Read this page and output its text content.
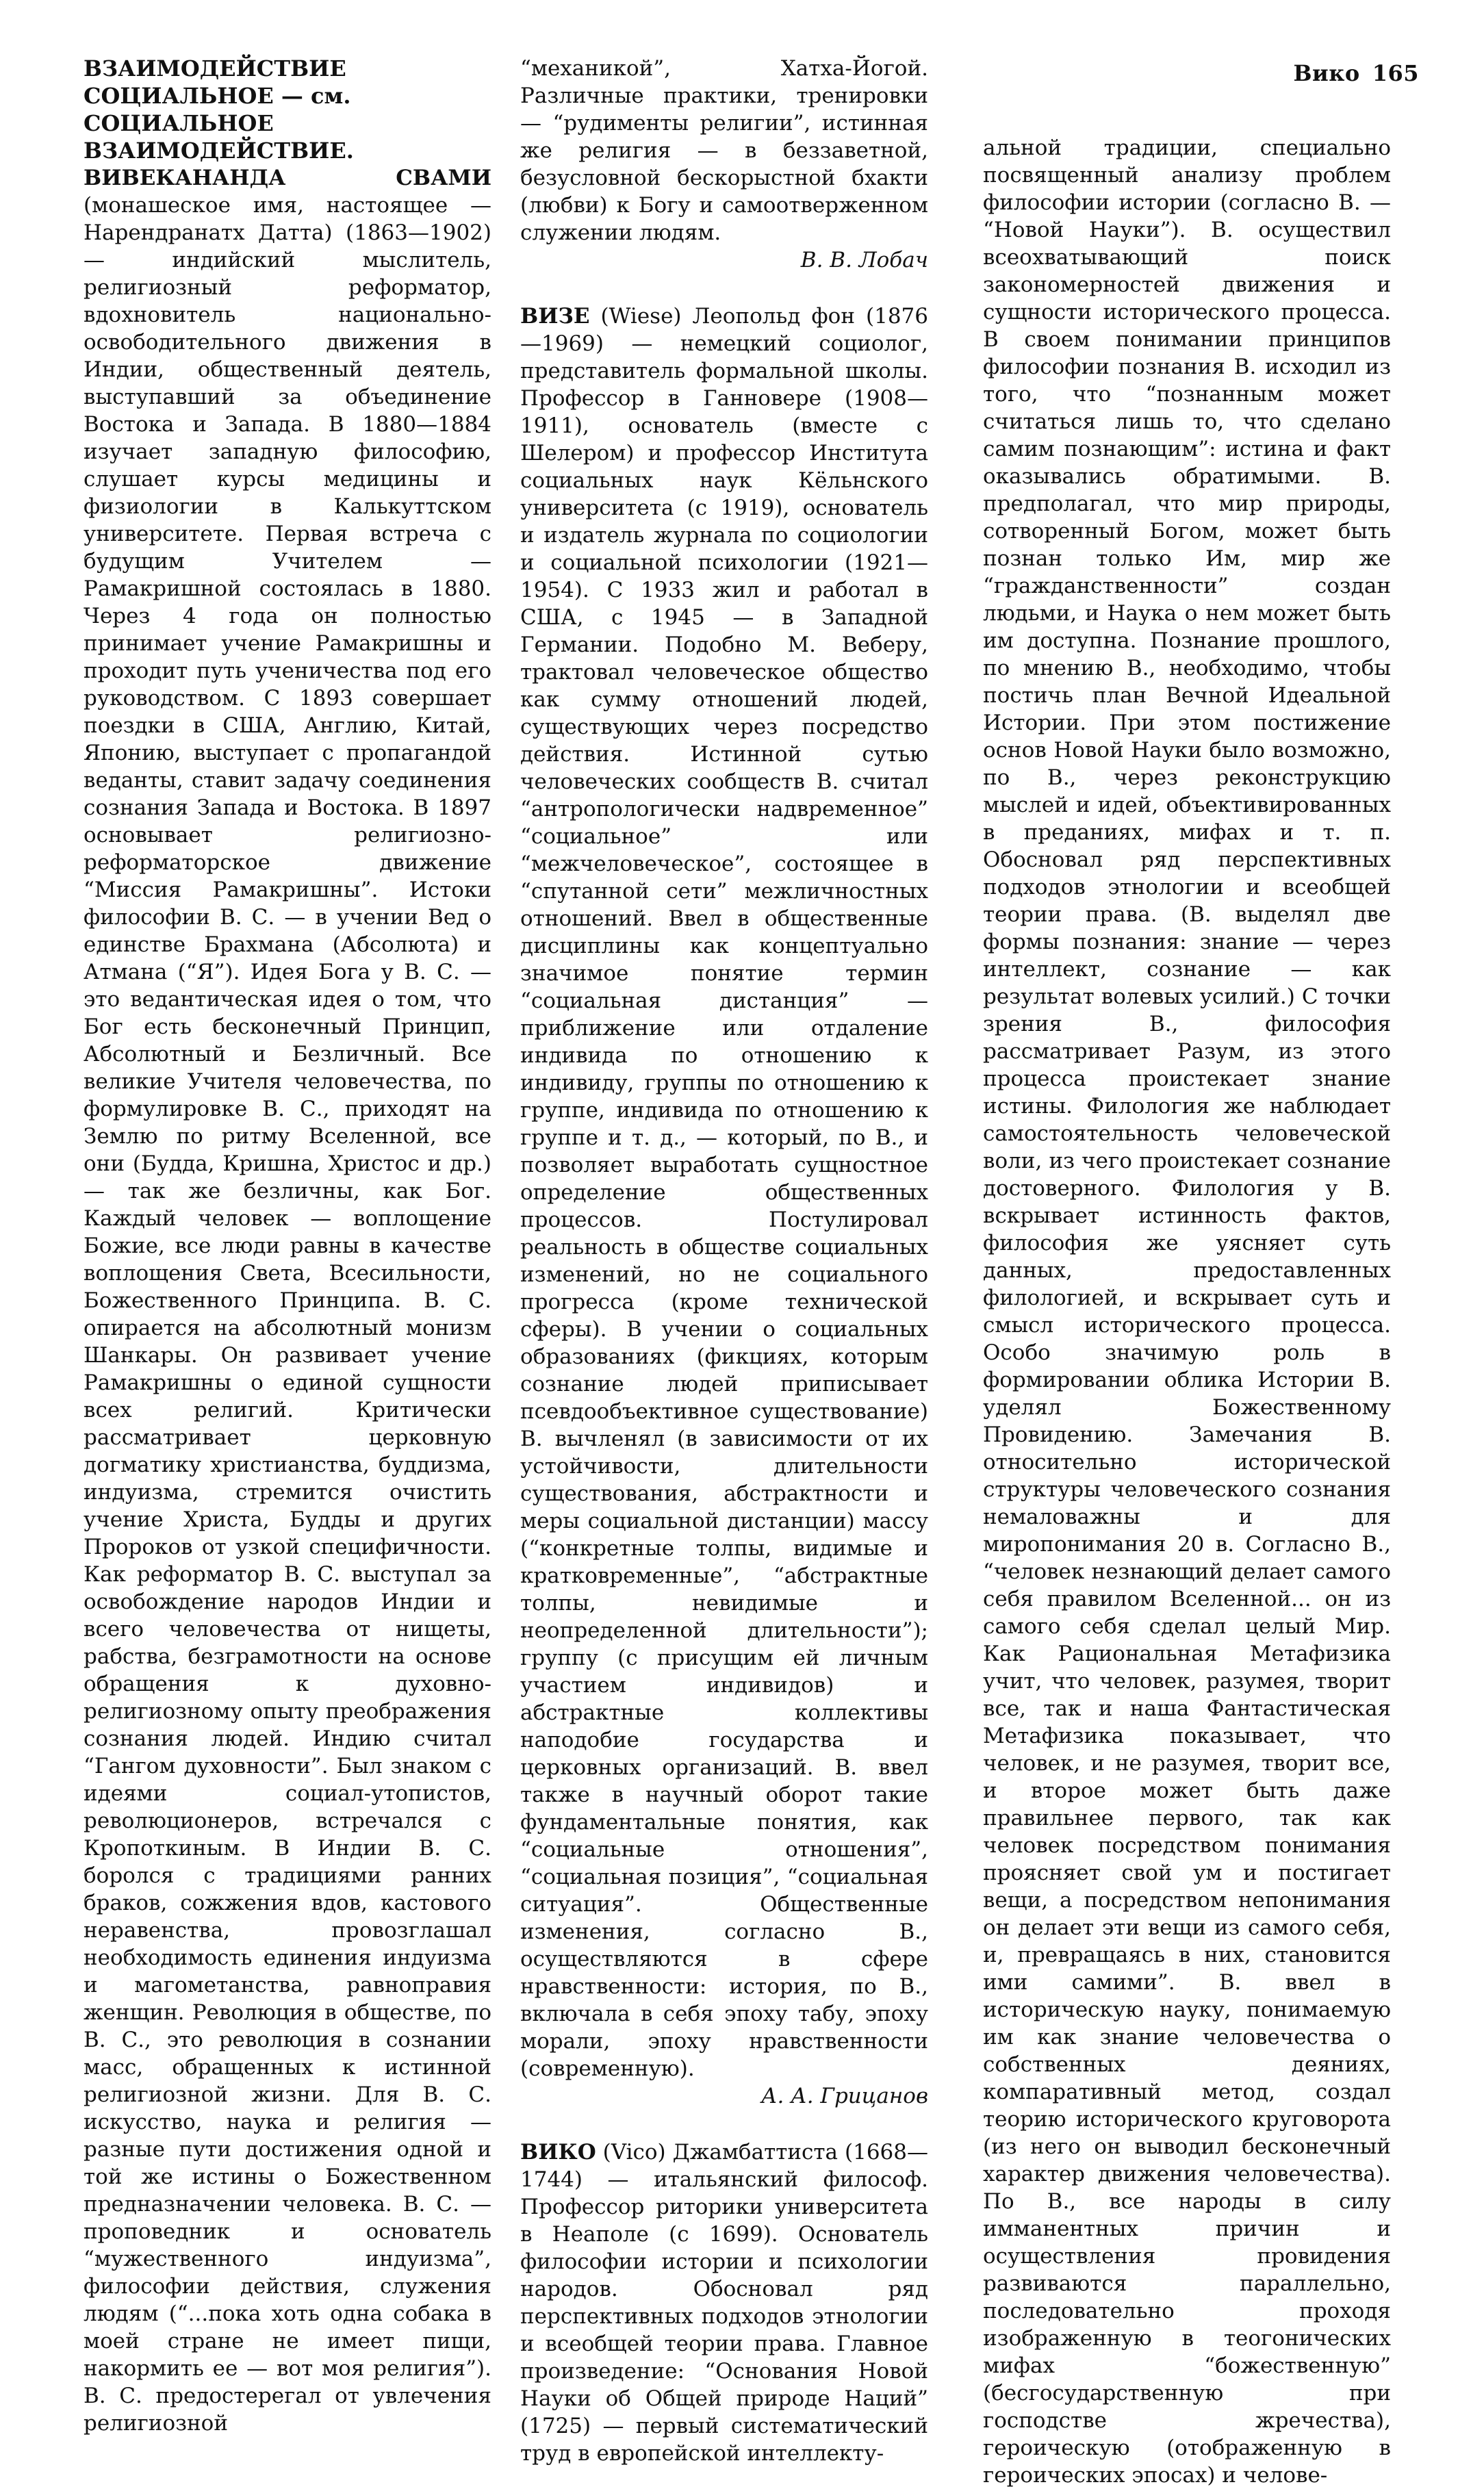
Вико 165

ВЗАИМОДЕЙСТВИЕ СОЦИАЛЬНОЕ — см. СОЦИАЛЬНОЕ ВЗАИМОДЕЙСТВИЕ.

ВИВЕКАНАНДА СВАМИ (монашеское имя, настоящее — Нарендранатх Датта) (1863—1902) — индийский мыслитель, религиозный реформатор, вдохновитель национально-освободительного движения в Индии, общественный деятель, выступавший за объединение Востока и Запада. В 1880—1884 изучает западную философию, слушает курсы медицины и физиологии в Калькуттском университете. Первая встреча с будущим Учителем — Рамакришной состоялась в 1880. Через 4 года он полностью принимает учение Рамакришны и проходит путь ученичества под его руководством. С 1893 совершает поездки в США, Англию, Китай, Японию, выступает с пропагандой веданты, ставит задачу соединения сознания Запада и Востока. В 1897 основывает религиозно-реформаторское движение “Миссия Рамакришны”. Истоки философии В. С. — в учении Вед о единстве Брахмана (Абсолюта) и Атмана (“Я”). Идея Бога у В. С. — это ведантическая идея о том, что Бог есть бесконечный Принцип, Абсолютный и Безличный. Все великие Учителя человечества, по формулировке В. С., приходят на Землю по ритму Вселенной, все они (Будда, Кришна, Христос и др.) — так же безличны, как Бог. Каждый человек — воплощение Божие, все люди равны в качестве воплощения Света, Всесильности, Божественного Принципа. В. С. опирается на абсолютный монизм Шанкары. Он развивает учение Рамакришны о единой сущности всех религий. Критически рассматривает церковную догматику христианства, буддизма, индуизма, стремится очистить учение Христа, Будды и других Пророков от узкой специфичности. Как реформатор В. С. выступал за освобождение народов Индии и всего человечества от нищеты, рабства, безграмотности на основе обращения к духовно-религиозному опыту преображения сознания людей. Индию считал “Гангом духовности”. Был знаком с идеями социал-утопистов, революционеров, встречался с Кропоткиным. В Индии В. С. боролся с традициями ранних браков, сожжения вдов, кастового неравенства, провозглашал необходимость единения индуизма и магометанства, равноправия женщин. Революция в обществе, по В. С., это революция в сознании масс, обращенных к истинной религиозной жизни. Для В. С. искусство, наука и религия — разные пути достижения одной и той же истины о Божественном предназначении человека. В. С. — проповедник и основатель “мужественного индуизма”, философии действия, служения людям (“...пока хоть одна собака в моей стране не имеет пищи, накормить ее — вот моя религия”). В. С. предостерегал от увлечения религиозной

“механикой”, Хатха-Йогой. Различные практики, тренировки — “рудименты религии”, истинная же религия — в беззаветной, безусловной бескорыстной бхакти (любви) к Богу и самоотверженном служении людям.

В. В. Лобач

ВИЗЕ (Wiese) Леопольд фон (1876—1969) — немецкий социолог, представитель формальной школы. Профессор в Ганновере (1908—1911), основатель (вместе с Шелером) и профессор Института социальных наук Кёльнского университета (с 1919), основатель и издатель журнала по социологии и социальной психологии (1921—1954). С 1933 жил и работал в США, с 1945 — в Западной Германии. Подобно М. Веберу, трактовал человеческое общество как сумму отношений людей, существующих через посредство действия. Истинной сутью человеческих сообществ В. считал “антропологически надвременное” “социальное” или “межчеловеческое”, состоящее в “спутанной сети” межличностных отношений. Ввел в общественные дисциплины как концептуально значимое понятие термин “социальная дистанция” — приближение или отдаление индивида по отношению к индивиду, группы по отношению к группе, индивида по отношению к группе и т. д., — который, по В., и позволяет выработать сущностное определение общественных процессов. Постулировал реальность в обществе социальных изменений, но не социального прогресса (кроме технической сферы). В учении о социальных образованиях (фикциях, которым сознание людей приписывает псевдообъективное существование) В. вычленял (в зависимости от их устойчивости, длительности существования, абстрактности и меры социальной дистанции) массу (“конкретные толпы, видимые и кратковременные”, “абстрактные толпы, невидимые и неопределенной длительности”); группу (с присущим ей личным участием индивидов) и абстрактные коллективы наподобие государства и церковных организаций. В. ввел также в научный оборот такие фундаментальные понятия, как “социальные отношения”, “социальная позиция”, “социальная ситуация”. Общественные изменения, согласно В., осуществляются в сфере нравственности: история, по В., включала в себя эпоху табу, эпоху морали, эпоху нравственности (современную).

А. А. Грицанов

ВИКО (Vico) Джамбаттиста (1668—1744) — итальянский философ. Профессор риторики университета в Неаполе (с 1699). Основатель философии истории и психологии народов. Обосновал ряд перспективных подходов этнологии и всеобщей теории права. Главное произведение: “Основания Новой Науки об Общей природе Наций” (1725) — первый систематический труд в европейской интеллекту-

альной традиции, специально посвященный анализу проблем философии истории (согласно В. — “Новой Науки”). В. осуществил всеохватывающий поиск закономерностей движения и сущности исторического процесса. В своем понимании принципов философии познания В. исходил из того, что “познанным может считаться лишь то, что сделано самим познающим”: истина и факт оказывались обратимыми. В. предполагал, что мир природы, сотворенный Богом, может быть познан только Им, мир же “гражданственности” создан людьми, и Наука о нем может быть им доступна. Познание прошлого, по мнению В., необходимо, чтобы постичь план Вечной Идеальной Истории. При этом постижение основ Новой Науки было возможно, по В., через реконструкцию мыслей и идей, объективированных в преданиях, мифах и т. п. Обосновал ряд перспективных подходов этнологии и всеобщей теории права. (В. выделял две формы познания: знание — через интеллект, сознание — как результат волевых усилий.) С точки зрения В., философия рассматривает Разум, из этого процесса проистекает знание истины. Филология же наблюдает самостоятельность человеческой воли, из чего проистекает сознание достоверного. Филология у В. вскрывает истинность фактов, философия же уясняет суть данных, предоставленных филологией, и вскрывает суть и смысл исторического процесса. Особо значимую роль в формировании облика Истории В. уделял Божественному Провидению. Замечания В. относительно исторической структуры человеческого сознания немаловажны и для миропонимания 20 в. Согласно В., “человек незнающий делает самого себя правилом Вселенной... он из самого себя сделал целый Мир. Как Рациональная Метафизика учит, что человек, разумея, творит все, так и наша Фантастическая Метафизика показывает, что человек, и не разумея, творит все, и второе может быть даже правильнее первого, так как человек посредством понимания проясняет свой ум и постигает вещи, а посредством непонимания он делает эти вещи из самого себя, и, превращаясь в них, становится ими самими”. В. ввел в историческую науку, понимаемую им как знание человечества о собственных деяниях, компаративный метод, создал теорию исторического круговорота (из него он выводил бесконечный характер движения человечества). По В., все народы в силу имманентных причин и осуществления провидения развиваются параллельно, последовательно проходя изображенную в теогонических мифах “божественную” (бесгосударственную при господстве жречества), героическую (отображенную в героических эпосах) и челове-
